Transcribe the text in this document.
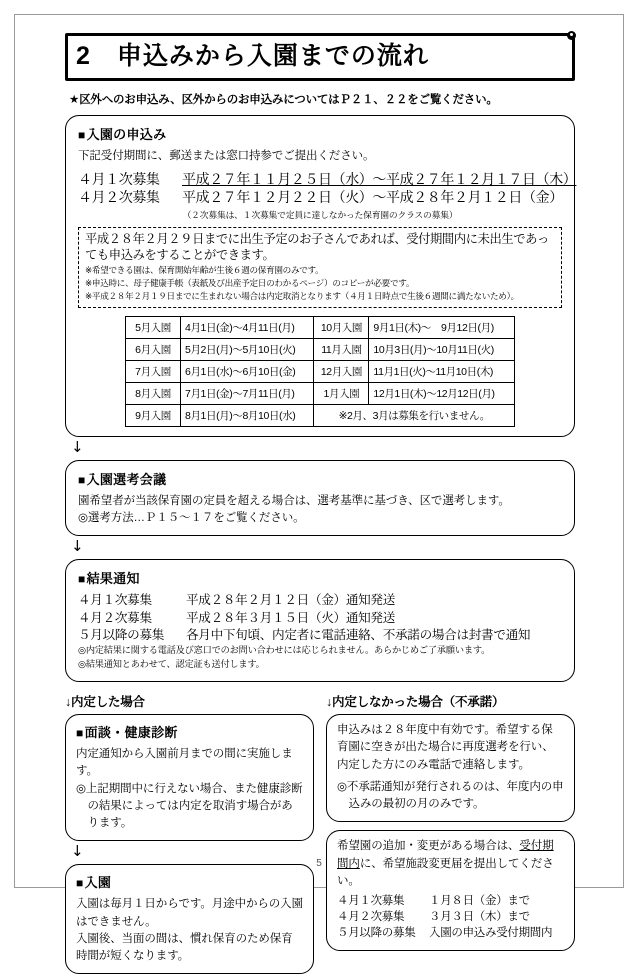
2　申込みから入園までの流れ
★区外へのお申込み、区外からのお申込みについてはＰ２１、２２をご覧ください。
■ 入園の申込み
下記受付期間に、郵送または窓口持参でご提出ください。
４月１次募集	平成２７年１１月２５日（水）～平成２７年１２月１７日（木）
４月２次募集	平成２７年１２月２２日（火）～平成２８年２月１２日（金）
（２次募集は、１次募集で定員に達しなかった保育園のクラスの募集）
平成２８年２月２９日までに出生予定のお子さんであれば、受付期間内に未出生であっても申込みをすることができます。
※希望できる園は、保育開始年齢が生後６週の保育園のみです。
※申込時に、母子健康手帳（表紙及び出産予定日のわかるページ）のコピーが必要です。
※平成２８年２月１９日までに生まれない場合は内定取消となります（４月１日時点で生後６週間に満たないため）。
5月入園	4月1日(金)～4月11日(月)	10月入園	9月1日(木)～　9月12日(月)
6月入園	5月2日(月)～5月10日(火)	11月入園	10月3日(月)～10月11日(火)
7月入園	6月1日(水)～6月10日(金)	12月入園	11月1日(火)～11月10日(木)
8月入園	7月1日(金)～7月11日(月)	1月入園	12月1日(木)～12月12日(月)
9月入園	8月1日(月)～8月10日(水)	※2月、3月は募集を行いません。	
↓
■ 入園選考会議
園希望者が当該保育園の定員を超える場合は、選考基準に基づき、区で選考します。
◎選考方法…Ｐ１５～１７をご覧ください。
↓
■ 結果通知
４月１次募集	平成２８年２月１２日（金）通知発送
４月２次募集	平成２８年３月１５日（火）通知発送
５月以降の募集	各月中下旬頃、内定者に電話連絡、不承諾の場合は封書で通知
◎内定結果に関する電話及び窓口でのお問い合わせには応じられません。あらかじめご了承願います。
◎結果通知とあわせて、認定証も送付します。
↓内定した場合
■ 面談・健康診断
内定通知から入園前月までの間に実施します。
◎上記期間中に行えない場合、また健康診断の結果によっては内定を取消す場合があります。
↓
■ 入園
入園は毎月１日からです。月途中からの入園はできません。
入園後、当面の間は、慣れ保育のため保育時間が短くなります。
↓内定しなかった場合（不承諾）
申込みは２８年度中有効です。希望する保育園に空きが出た場合に再度選考を行い、内定した方にのみ電話で連絡します。
◎不承諾通知が発行されるのは、年度内の申込みの最初の月のみです。
希望園の追加・変更がある場合は、受付期間内に、希望施設変更届を提出してください。
４月１次募集	１月８日（金）まで
４月２次募集	３月３日（木）まで
５月以降の募集	入園の申込み受付期間内
5
